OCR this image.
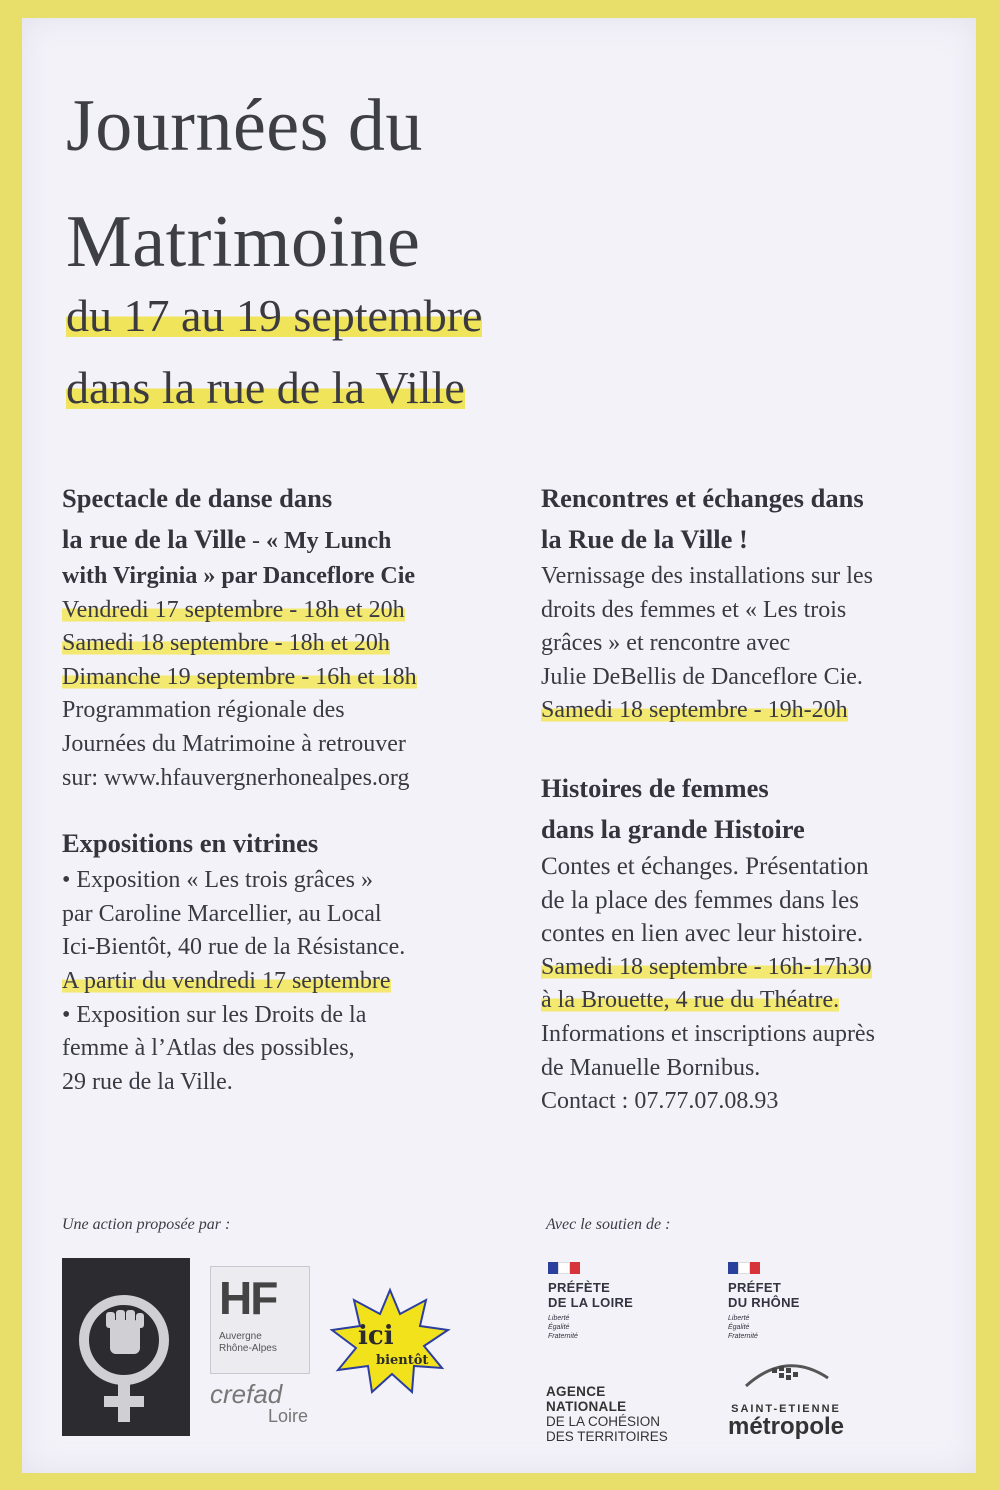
Journées du
Matrimoine
du 17 au 19 septembre
dans la rue de la Ville
Spectacle de danse dans
la rue de la Ville - « My Lunch
with Virginia » par Danceflore Cie
Vendredi 17 septembre - 18h et 20h
Samedi 18 septembre - 18h et 20h
Dimanche 19 septembre - 16h et 18h
Programmation régionale des
Journées du Matrimoine à retrouver
sur: www.hfauvergnerhonealpes.org
Expositions en vitrines
• Exposition « Les trois grâces »
par Caroline Marcellier, au Local
Ici-Bientôt, 40 rue de la Résistance.
A partir du vendredi 17 septembre
• Exposition sur les Droits de la
femme à l’Atlas des possibles,
29 rue de la Ville.
Rencontres et échanges dans
la Rue de la Ville !
Vernissage des installations sur les
droits des femmes et « Les trois
grâces » et rencontre avec
Julie DeBellis de Danceflore Cie.
Samedi 18 septembre - 19h-20h
Histoires de femmes
dans la grande Histoire
Contes et échanges. Présentation
de la place des femmes dans les
contes en lien avec leur histoire.
Samedi 18 septembre - 16h-17h30
à la Brouette, 4 rue du Théatre.
Informations et inscriptions auprès
de Manuelle Bornibus.
Contact : 07.77.07.08.93
Une action proposée par :	Avec le soutien de :
HF
Auvergne
Rhône-Alpes
crefad
Loire
ici
bientôt
PRÉFÈTE
DE LA LOIRE
Liberté
Égalité
Fraternité
PRÉFET
DU RHÔNE
Liberté
Égalité
Fraternité
AGENCE
NATIONALE
DE LA COHÉSION
DES TERRITOIRES
SAINT-ETIENNE
métropole
